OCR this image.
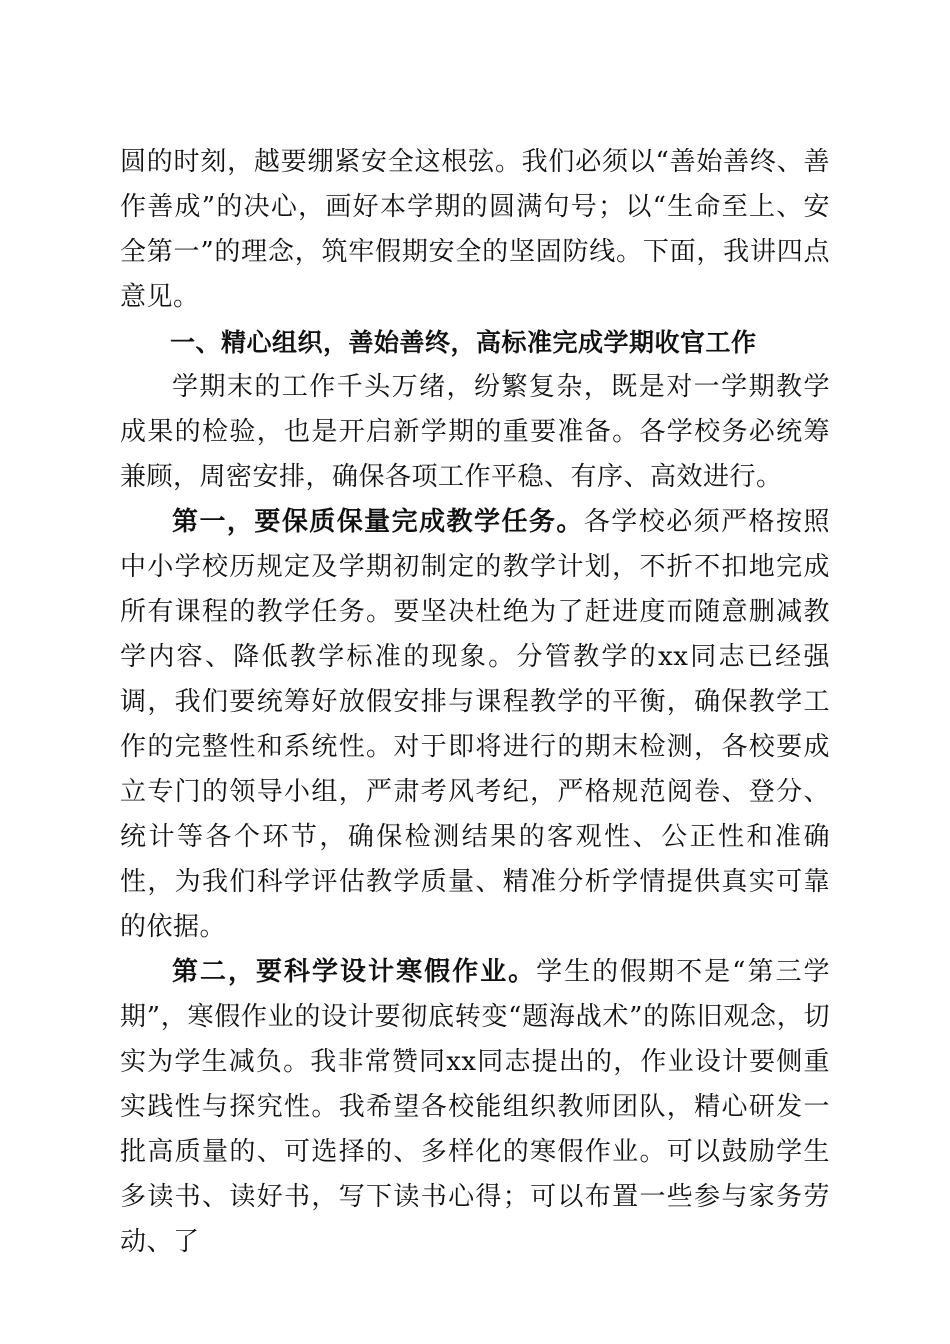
圆的时刻，越要绷紧安全这根弦。我们必须以“善始善终、善作善成”的决心，画好本学期的圆满句号；以“生命至上、安全第一”的理念，筑牢假期安全的坚固防线。下面，我讲四点意见。

一、精心组织，善始善终，高标准完成学期收官工作

学期末的工作千头万绪，纷繁复杂，既是对一学期教学成果的检验，也是开启新学期的重要准备。各学校务必统筹兼顾，周密安排，确保各项工作平稳、有序、高效进行。

第一，要保质保量完成教学任务。各学校必须严格按照中小学校历规定及学期初制定的教学计划，不折不扣地完成所有课程的教学任务。要坚决杜绝为了赶进度而随意删减教学内容、降低教学标准的现象。分管教学的xx同志已经强调，我们要统筹好放假安排与课程教学的平衡，确保教学工作的完整性和系统性。对于即将进行的期末检测，各校要成立专门的领导小组，严肃考风考纪，严格规范阅卷、登分、统计等各个环节，确保检测结果的客观性、公正性和准确性，为我们科学评估教学质量、精准分析学情提供真实可靠的依据。

第二，要科学设计寒假作业。学生的假期不是“第三学期”，寒假作业的设计要彻底转变“题海战术”的陈旧观念，切实为学生减负。我非常赞同xx同志提出的，作业设计要侧重实践性与探究性。我希望各校能组织教师团队，精心研发一批高质量的、可选择的、多样化的寒假作业。可以鼓励学生多读书、读好书，写下读书心得；可以布置一些参与家务劳动、了
